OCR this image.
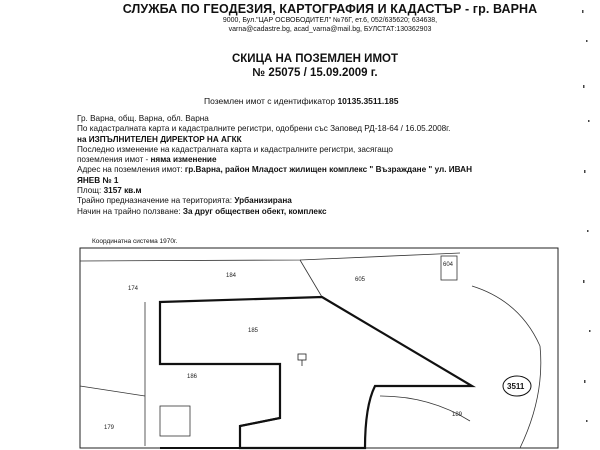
СЛУЖБА ПО ГЕОДЕЗИЯ, КАРТОГРАФИЯ И КАДАСТЪР - гр. ВАРНА
9000, Бул."ЦАР ОСВОБОДИТЕЛ" №76Г, ет.6, 052/635620; 634638,
varna@cadastre.bg, acad_varna@mail.bg, БУЛСТАТ:130362903
СКИЦА НА ПОЗЕМЛЕН ИМОТ
№ 25075 / 15.09.2009 г.
Поземлен имот с идентификатор 10135.3511.185
Гр. Варна, общ. Варна, обл. Варна
По кадастралната карта и кадастралните регистри, одобрени със Заповед РД-18-64 / 16.05.2008г.
на ИЗПЪЛНИТЕЛЕН ДИРЕКТОР НА АГКК
Последно изменение на кадастралната карта и кадастралните регистри, засягащо
поземления имот - няма изменение
Адрес на поземления имот: гр.Варна, район Младост жилищен комплекс " Възраждане " ул. ИВАН
ЯНЕВ № 1
Площ: 3157 кв.м
Трайно предназначение на територията: Урбанизирана
Начин на трайно ползване: За друг обществен обект, комплекс
Координатна система 1970г.
184
174
605
604
185
186
179
189
3511
